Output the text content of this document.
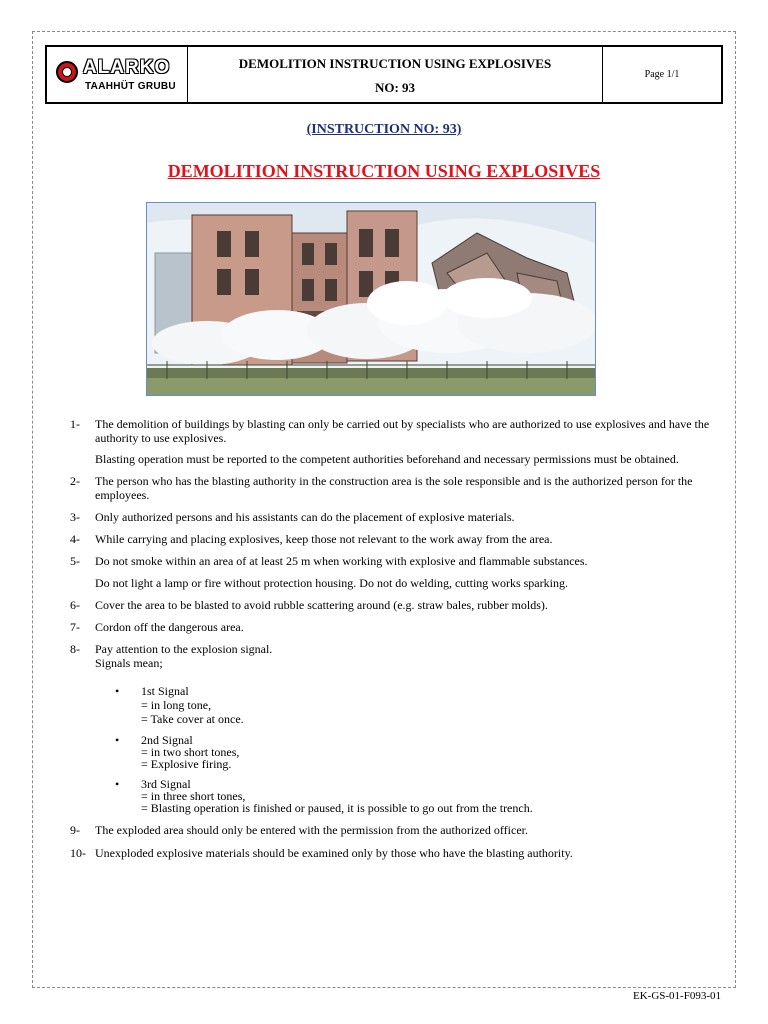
ALARKO
TAAHHÜT GRUBU
DEMOLITION INSTRUCTION USING EXPLOSIVES
NO: 93
Page 1/1
(INSTRUCTION NO: 93)
DEMOLITION INSTRUCTION USING EXPLOSIVES
1-	The demolition of buildings by blasting can only be carried out by specialists who are authorized to use explosives and have the authority to use explosives.
Blasting operation must be reported to the competent authorities beforehand and necessary permissions must be obtained.
2-	The person who has the blasting authority in the construction area is the sole responsible and is the authorized person for the employees.
3-	Only authorized persons and his assistants can do the placement of explosive materials.
4-	While carrying and placing explosives, keep those not relevant to the work away from the area.
5-	Do not smoke within an area of at least 25 m when working with explosive and flammable substances.
Do not light a lamp or fire without protection housing. Do not do welding, cutting works sparking.
6-	Cover the area to be blasted to avoid rubble scattering around (e.g. straw bales, rubber molds).
7-	Cordon off the dangerous area.
8-	Pay attention to the explosion signal.
Signals mean;
•	1st Signal
= in long tone,
= Take cover at once.
•	2nd Signal
= in two short tones,
= Explosive firing.
•	3rd Signal
= in three short tones,
= Blasting operation is finished or paused, it is possible to go out from the trench.
9-	The exploded area should only be entered with the permission from the authorized officer.
10- Unexploded explosive materials should be examined only by those who have the blasting authority.
EK-GS-01-F093-01
